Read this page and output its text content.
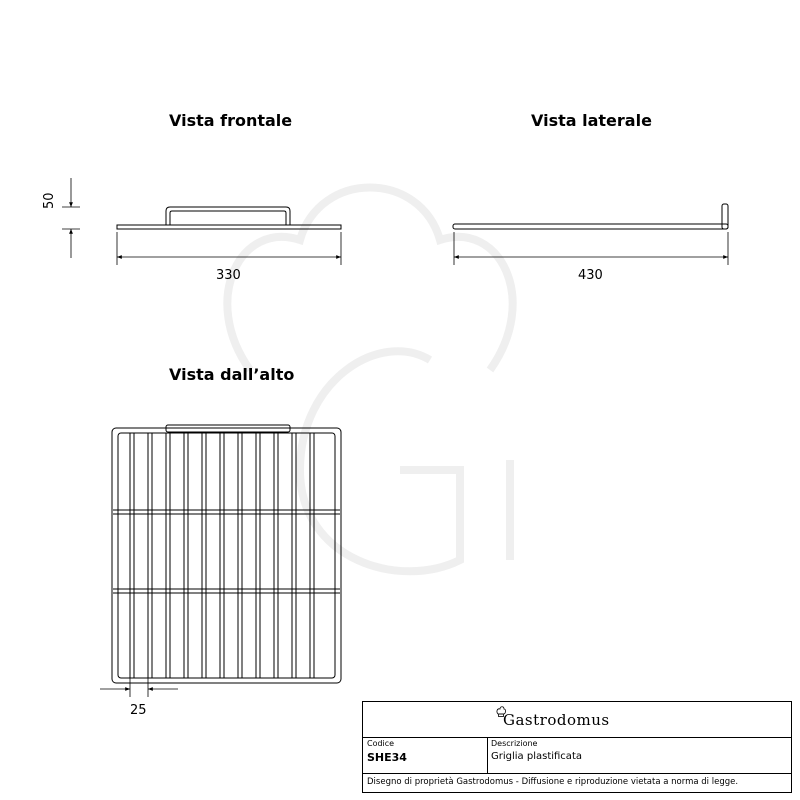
Vista frontale	Vista laterale
Vista dall’alto
50
330	430
25
Gastrodomus
Codice
SHE34
Descrizione
Griglia plastificata
Disegno di proprietà Gastrodomus - Diffusione e riproduzione vietata a norma di legge.
